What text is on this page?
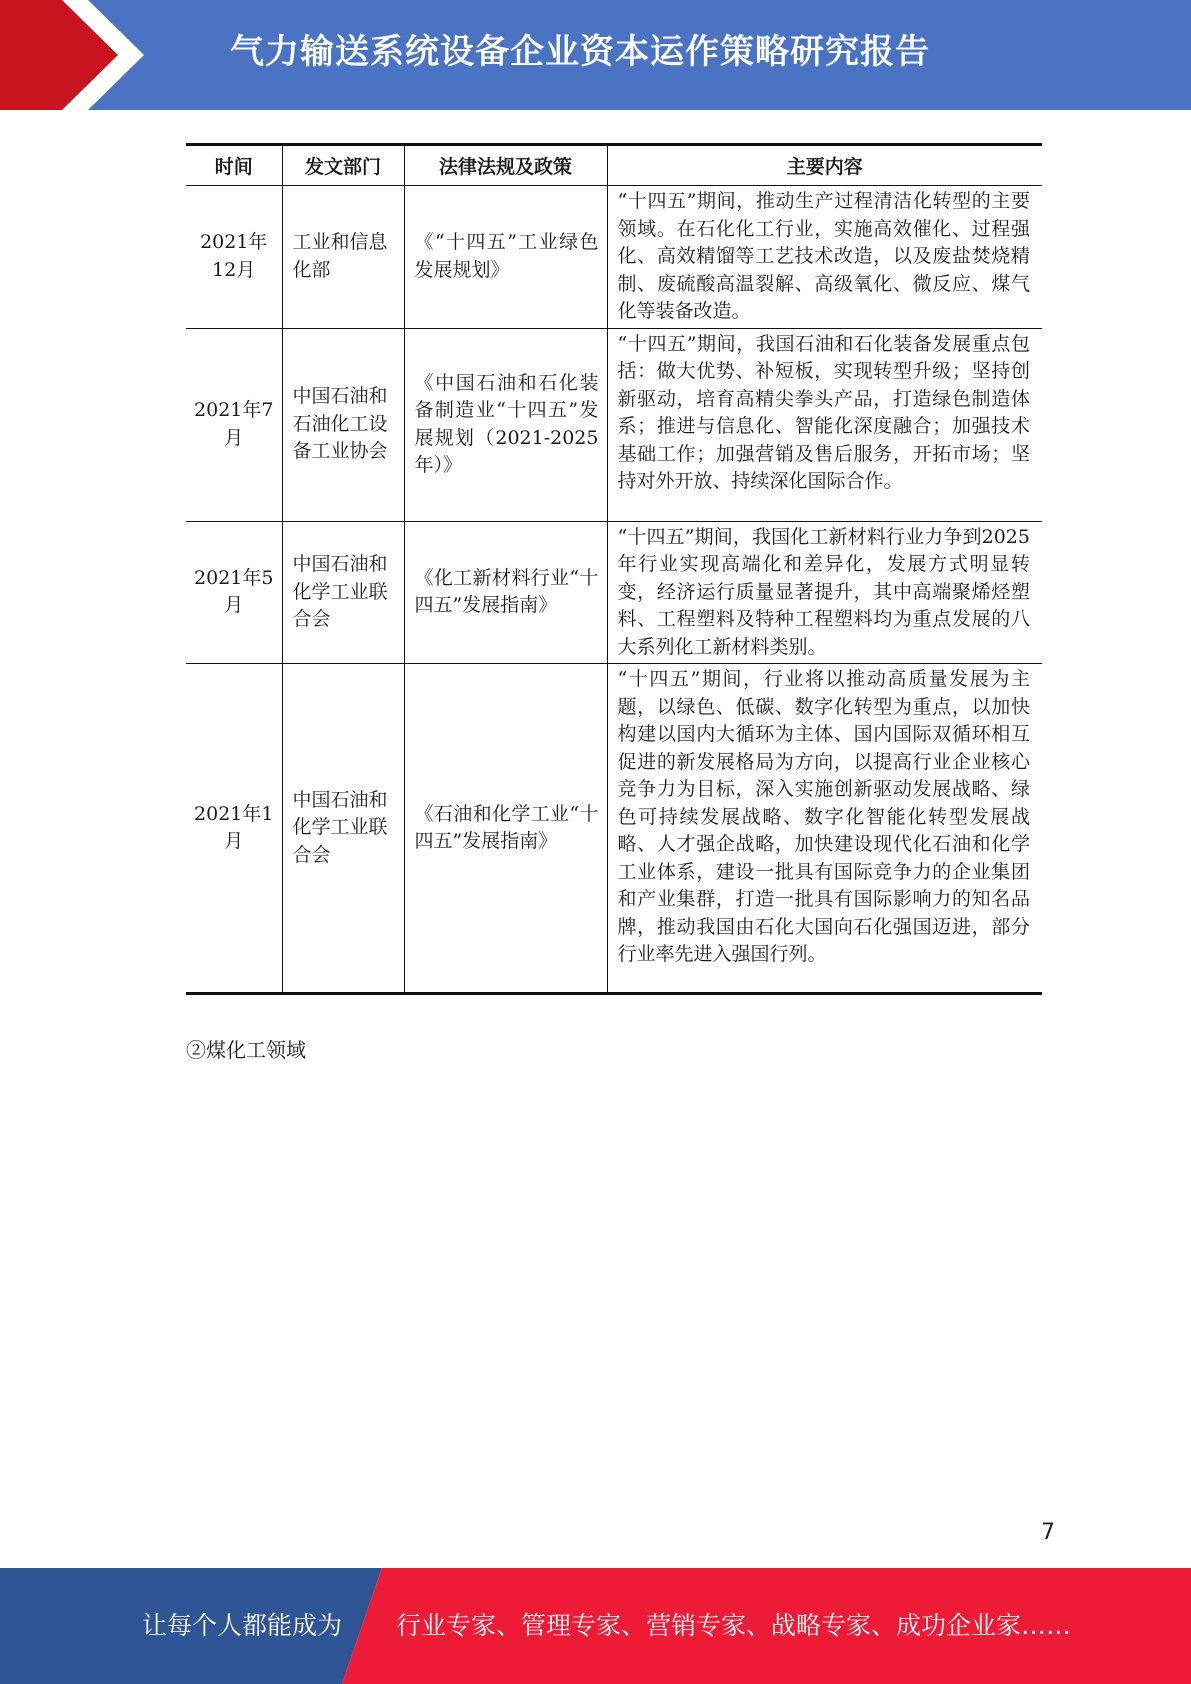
气力输送系统设备企业资本运作策略研究报告
时间	发文部门	法律法规及政策	主要内容
2021年12月	工业和信息化部	《“十四五”工业绿色发展规划》	“十四五”期间，推动生产过程清洁化转型的主要领域。在石化化工行业，实施高效催化、过程强化、高效精馏等工艺技术改造，以及废盐焚烧精制、废硫酸高温裂解、高级氧化、微反应、煤气化等装备改造。
2021年7月	中国石油和石油化工设备工业协会	《中国石油和石化装备制造业“十四五”发展规划（2021-2025年）》	“十四五”期间，我国石油和石化装备发展重点包括：做大优势、补短板，实现转型升级；坚持创新驱动，培育高精尖拳头产品，打造绿色制造体系；推进与信息化、智能化深度融合；加强技术基础工作；加强营销及售后服务，开拓市场；坚持对外开放、持续深化国际合作。
2021年5月	中国石油和化学工业联合会	《化工新材料行业“十四五”发展指南》	“十四五”期间，我国化工新材料行业力争到2025年行业实现高端化和差异化，发展方式明显转变，经济运行质量显著提升，其中高端聚烯烃塑料、工程塑料及特种工程塑料均为重点发展的八大系列化工新材料类别。
2021年1月	中国石油和化学工业联合会	《石油和化学工业“十四五”发展指南》	“十四五”期间，行业将以推动高质量发展为主题，以绿色、低碳、数字化转型为重点，以加快构建以国内大循环为主体、国内国际双循环相互促进的新发展格局为方向，以提高行业企业核心竞争力为目标，深入实施创新驱动发展战略、绿色可持续发展战略、数字化智能化转型发展战略、人才强企战略，加快建设现代化石油和化学工业体系，建设一批具有国际竞争力的企业集团和产业集群，打造一批具有国际影响力的知名品牌，推动我国由石化大国向石化强国迈进，部分行业率先进入强国行列。
②煤化工领域
7
让每个人都能成为 行业专家、管理专家、营销专家、战略专家、成功企业家……
